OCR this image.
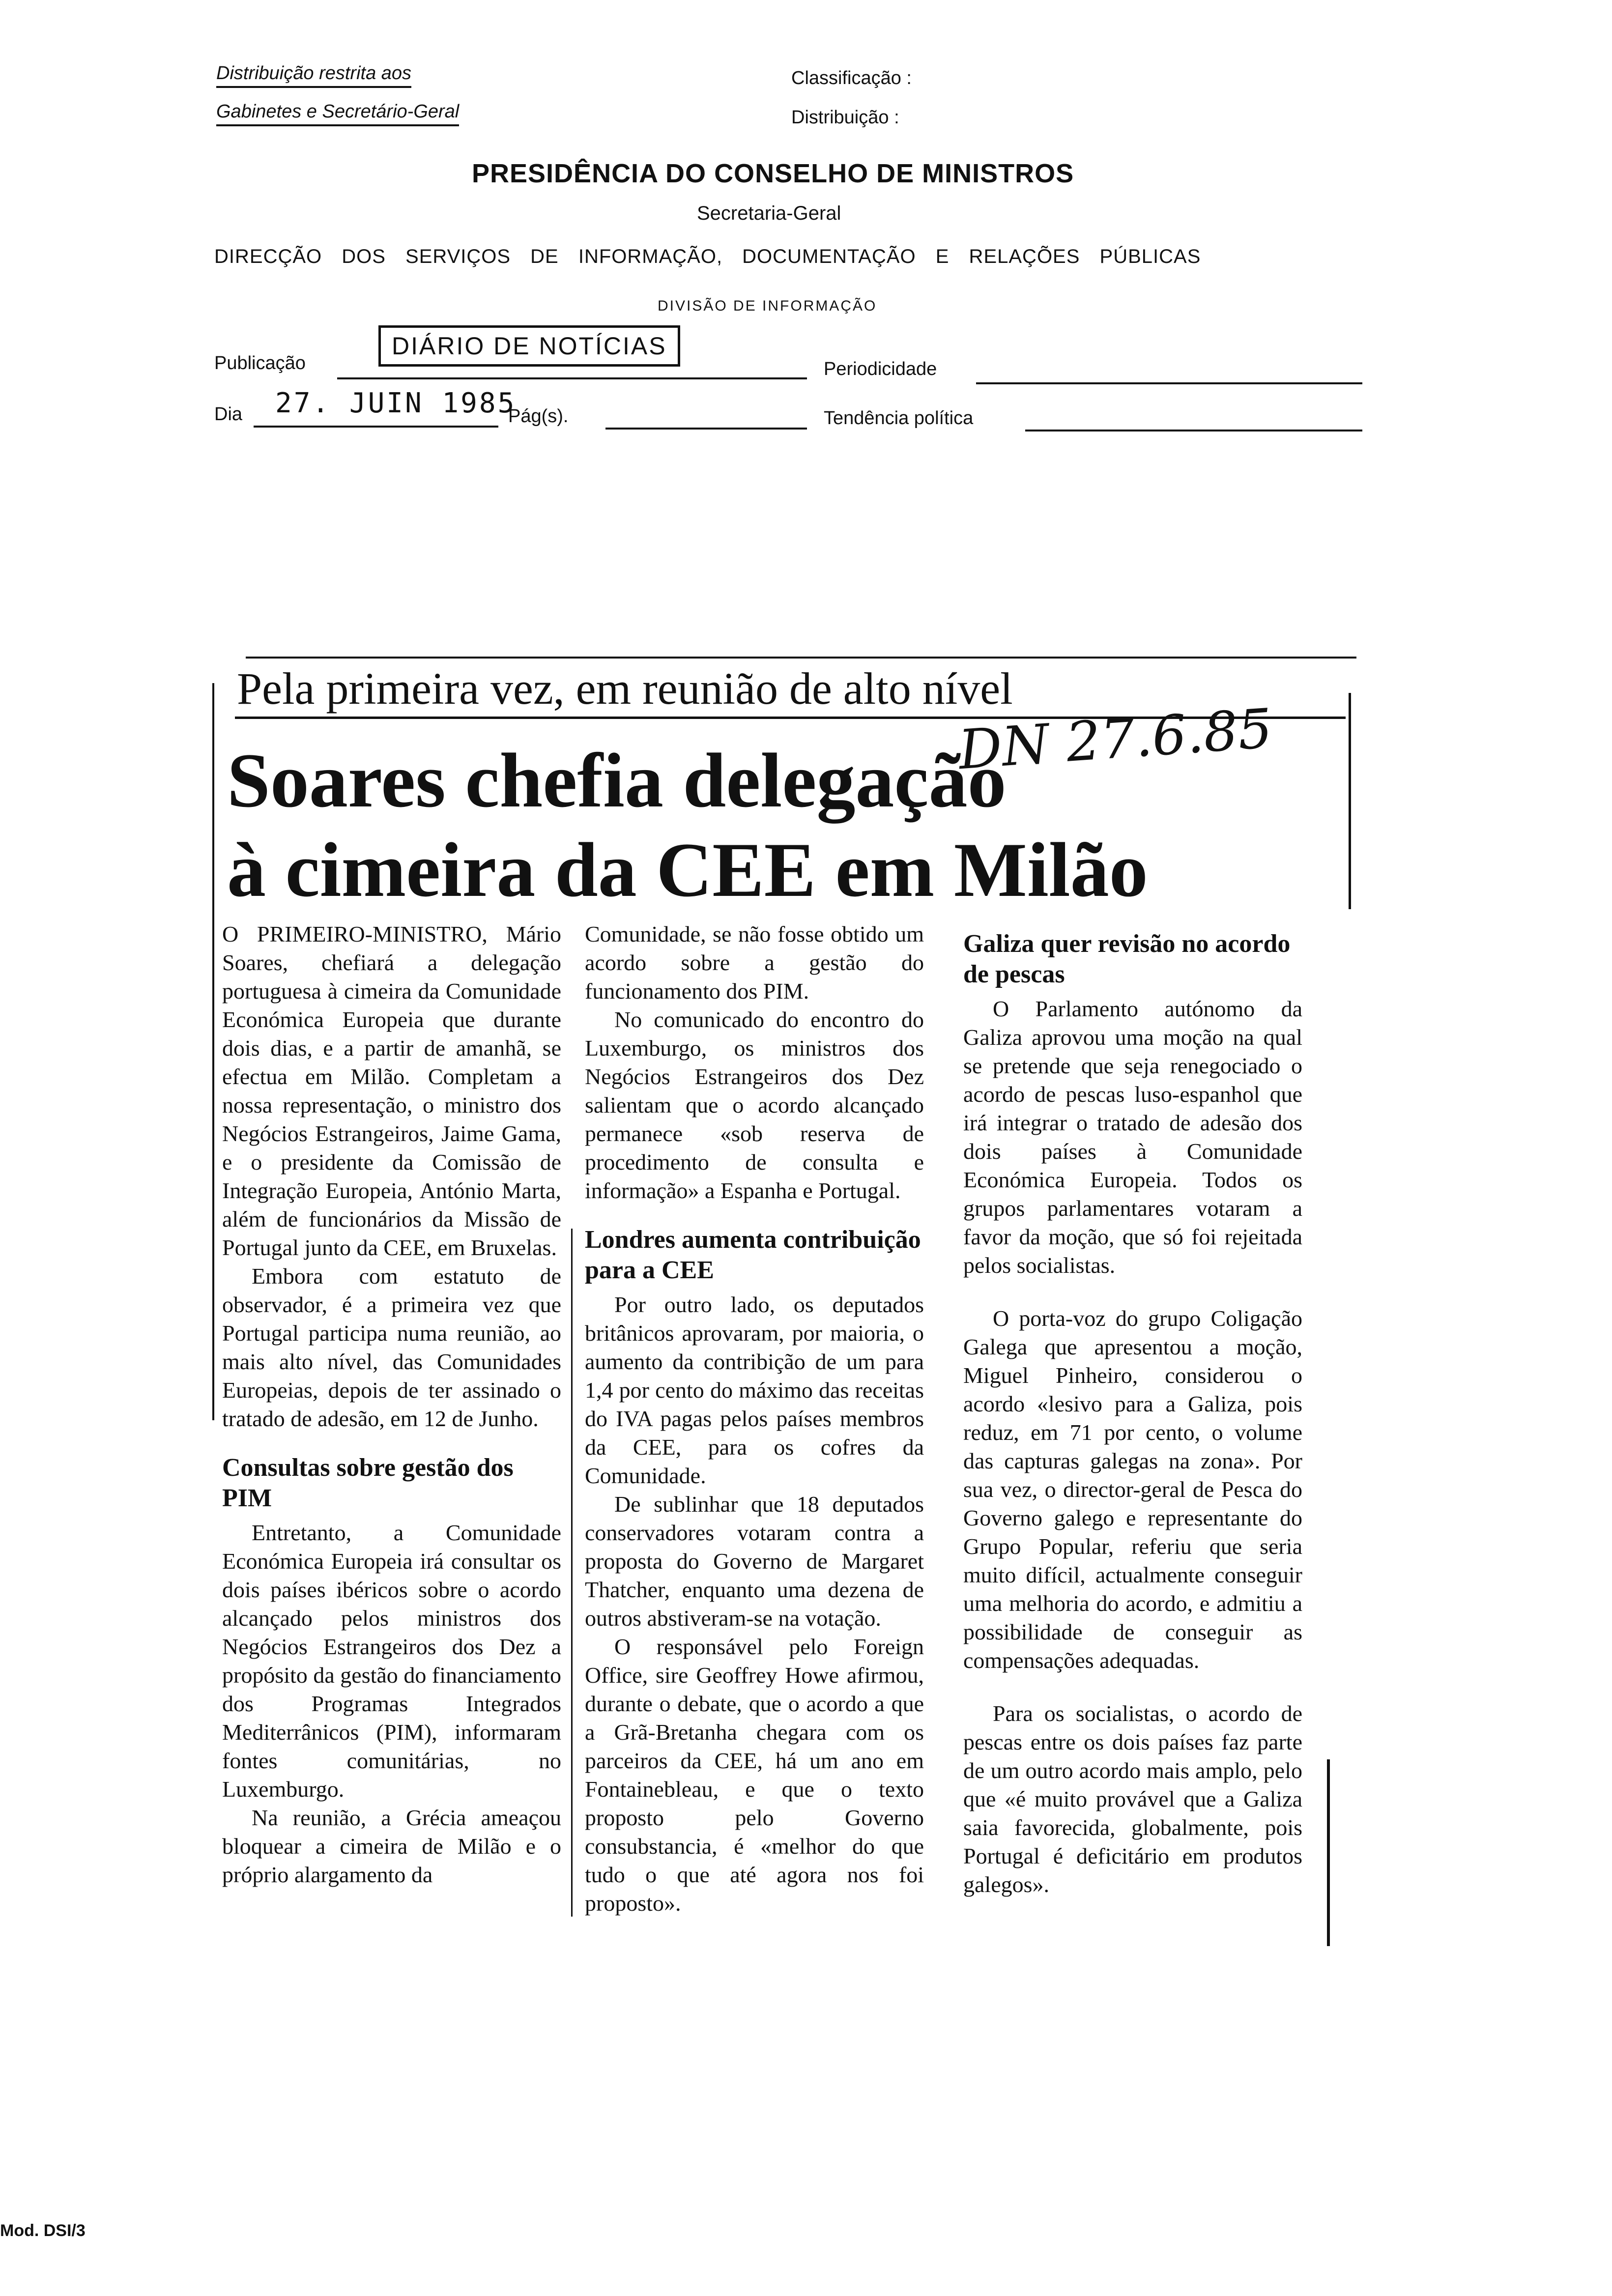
Distribuição restrita aos
Gabinetes e Secretário-Geral
Classificação :
Distribuição :
PRESIDÊNCIA DO CONSELHO DE MINISTROS
Secretaria-Geral
DIRECÇÃO DOS SERVIÇOS DE INFORMAÇÃO, DOCUMENTAÇÃO E RELAÇÕES PÚBLICAS
DIVISÃO DE INFORMAÇÃO
Publicação
DIÁRIO DE NOTÍCIAS
Periodicidade
Dia 27. JUIN 1985
Pág(s).	Tendência política
Pela primeira vez, em reunião de alto nível
Soares chefia delegação
à cimeira da CEE em Milão
DN 27.6.85

O PRIMEIRO-MINISTRO, Mário Soares, chefiará a delegação portuguesa à cimeira da Comunidade Económica Europeia que durante dois dias, e a partir de amanhã, se efectua em Milão. Completam a nossa representação, o ministro dos Negócios Estrangeiros, Jaime Gama, e o presidente da Comissão de Integração Europeia, António Marta, além de funcionários da Missão de Portugal junto da CEE, em Bruxelas.

Embora com estatuto de observador, é a primeira vez que Portugal participa numa reunião, ao mais alto nível, das Comunidades Europeias, depois de ter assinado o tratado de adesão, em 12 de Junho.

Consultas sobre gestão dos PIM

Entretanto, a Comunidade Económica Europeia irá consultar os dois países ibéricos sobre o acordo alcançado pelos ministros dos Negócios Estrangeiros dos Dez a propósito da gestão do financiamento dos Programas Integrados Mediterrânicos (PIM), informaram fontes comunitárias, no Luxemburgo.

Na reunião, a Grécia ameaçou bloquear a cimeira de Milão e o próprio alargamento da

Comunidade, se não fosse obtido um acordo sobre a gestão do funcionamento dos PIM.

No comunicado do encontro do Luxemburgo, os ministros dos Negócios Estrangeiros dos Dez salientam que o acordo alcançado permanece «sob reserva de procedimento de consulta e informação» a Espanha e Portugal.

Londres aumenta contribuição para a CEE

Por outro lado, os deputados britânicos aprovaram, por maioria, o aumento da contribição de um para 1,4 por cento do máximo das receitas do IVA pagas pelos países membros da CEE, para os cofres da Comunidade.

De sublinhar que 18 deputados conservadores votaram contra a proposta do Governo de Margaret Thatcher, enquanto uma dezena de outros abstiveram-se na votação.

O responsável pelo Foreign Office, sire Geoffrey Howe afirmou, durante o debate, que o acordo a que a Grã-Bretanha chegara com os parceiros da CEE, há um ano em Fontainebleau, e que o texto proposto pelo Governo consubstancia, é «melhor do que tudo o que até agora nos foi proposto».

Galiza quer revisão no acordo de pescas

O Parlamento autónomo da Galiza aprovou uma moção na qual se pretende que seja renegociado o acordo de pescas luso-espanhol que irá integrar o tratado de adesão dos dois países à Comunidade Económica Europeia. Todos os grupos parlamentares votaram a favor da moção, que só foi rejeitada pelos socialistas.

O porta-voz do grupo Coligação Galega que apresentou a moção, Miguel Pinheiro, considerou o acordo «lesivo para a Galiza, pois reduz, em 71 por cento, o volume das capturas galegas na zona». Por sua vez, o director-geral de Pesca do Governo galego e representante do Grupo Popular, referiu que seria muito difícil, actualmente conseguir uma melhoria do acordo, e admitiu a possibilidade de conseguir as compensações adequadas.

Para os socialistas, o acordo de pescas entre os dois países faz parte de um outro acordo mais amplo, pelo que «é muito provável que a Galiza saia favorecida, globalmente, pois Portugal é deficitário em produtos galegos».

Mod. DSI/3
